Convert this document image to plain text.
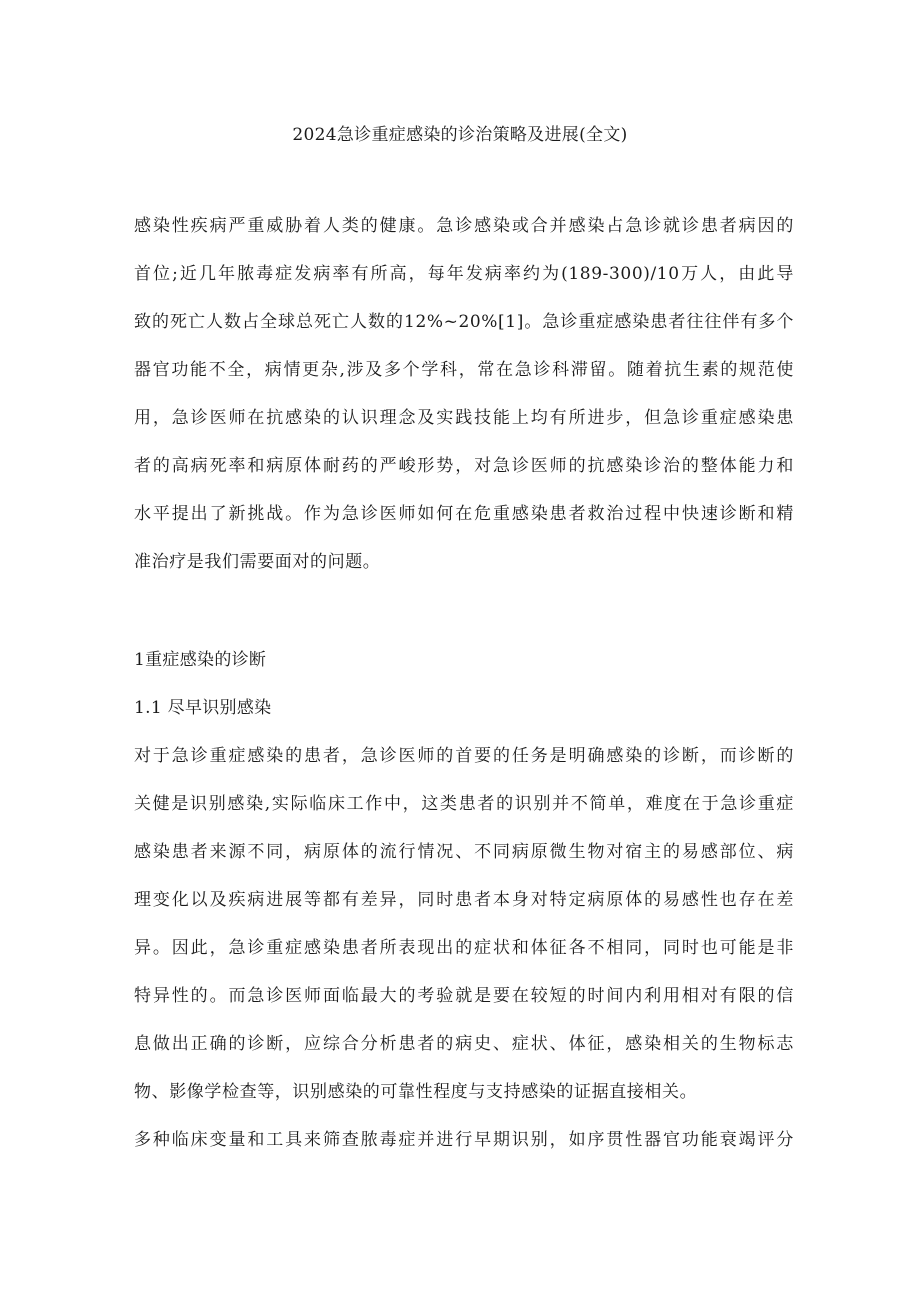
2024急诊重症感染的诊治策略及进展(全文)
感染性疾病严重威胁着人类的健康。急诊感染或合并感染占急诊就诊患者病因的
首位;近几年脓毒症发病率有所高，每年发病率约为(189-300)/10万人，由此导
致的死亡人数占全球总死亡人数的12%~20%[1]。急诊重症感染患者往往伴有多个
器官功能不全，病情更杂,涉及多个学科，常在急诊科滞留。随着抗生素的规范使
用，急诊医师在抗感染的认识理念及实践技能上均有所进步，但急诊重症感染患
者的高病死率和病原体耐药的严峻形势，对急诊医师的抗感染诊治的整体能力和
水平提出了新挑战。作为急诊医师如何在危重感染患者救治过程中快速诊断和精
准治疗是我们需要面对的问题。
1重症感染的诊断
1.1 尽早识别感染
对于急诊重症感染的患者，急诊医师的首要的任务是明确感染的诊断，而诊断的
关健是识别感染,实际临床工作中，这类患者的识别并不简单，难度在于急诊重症
感染患者来源不同，病原体的流行情况、不同病原微生物对宿主的易感部位、病
理变化以及疾病进展等都有差异，同时患者本身对特定病原体的易感性也存在差
异。因此，急诊重症感染患者所表现出的症状和体征各不相同，同时也可能是非
特异性的。而急诊医师面临最大的考验就是要在较短的时间内利用相对有限的信
息做出正确的诊断，应综合分析患者的病史、症状、体征，感染相关的生物标志
物、影像学检查等，识别感染的可靠性程度与支持感染的证据直接相关。
多种临床变量和工具来筛查脓毒症并进行早期识别，如序贯性器官功能衰竭评分
